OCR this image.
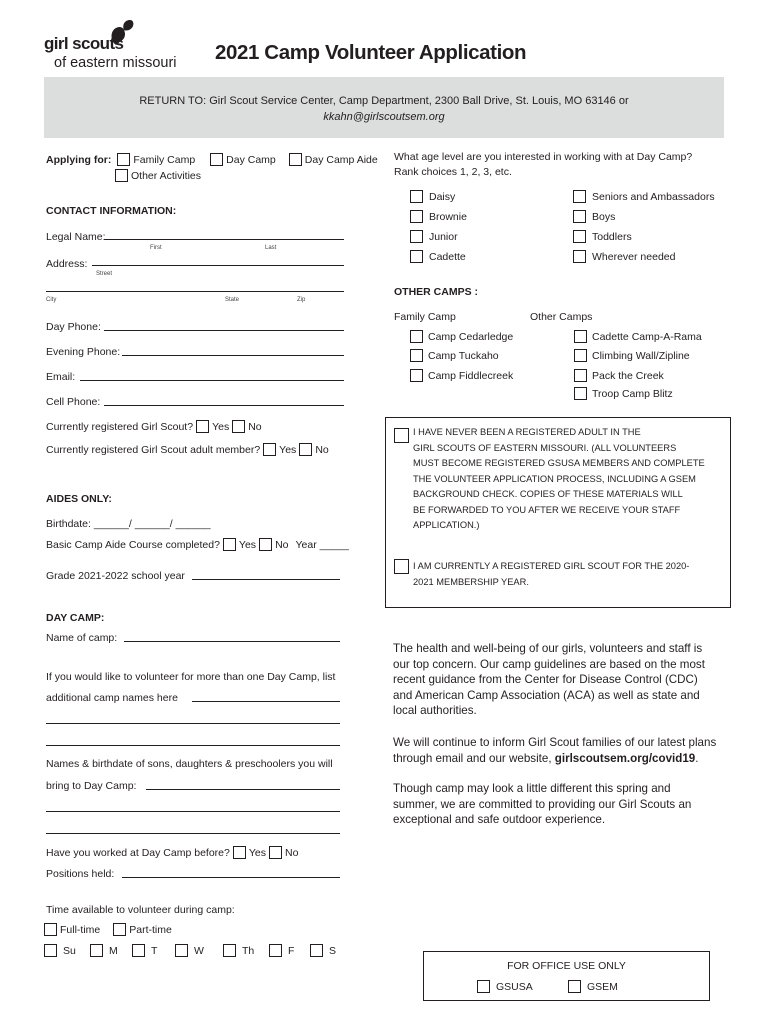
girl scouts
of eastern missouri 2021 Camp Volunteer Application
RETURN TO: Girl Scout Service Center, Camp Department, 2300 Ball Drive, St. Louis, MO 63146 or
kkahn@girlscoutsem.org
Applying for: Family Camp	Day Camp	Day Camp Aide
Other Activities
CONTACT INFORMATION:
Legal Name:
First	Last
Address:
Street
City	State	Zip
Day Phone:
Evening Phone:
Email:
Cell Phone:
Currently registered Girl Scout? Yes No
Currently registered Girl Scout adult member? Yes No
AIDES ONLY:
Birthdate: ______/ ______/ ______
Basic Camp Aide Course completed? Yes No Year _____
Grade 2021-2022 school year
DAY CAMP:
Name of camp:
If you would like to volunteer for more than one Day Camp, list
additional camp names here
Names & birthdate of sons, daughters & preschoolers you will
bring to Day Camp:
Have you worked at Day Camp before? Yes No
Positions held:
Time available to volunteer during camp:
Full-time	Part-time
Su	M	T	W	Th	F	S
What age level are you interested in working with at Day Camp?
Rank choices 1, 2, 3, etc.
Daisy
Brownie
Junior
Cadette
Seniors and Ambassadors
Boys
Toddlers
Wherever needed
OTHER CAMPS :
Family Camp	Other Camps
Camp Cedarledge
Camp Tuckaho
Camp Fiddlecreek
Cadette Camp-A-Rama
Climbing Wall/Zipline
Pack the Creek
Troop Camp Blitz
I HAVE NEVER BEEN A REGISTERED ADULT IN THE
GIRL SCOUTS OF EASTERN MISSOURI. (ALL VOLUNTEERS
MUST BECOME REGISTERED GSUSA MEMBERS AND COMPLETE
THE VOLUNTEER APPLICATION PROCESS, INCLUDING A GSEM
BACKGROUND CHECK. COPIES OF THESE MATERIALS WILL
BE FORWARDED TO YOU AFTER WE RECEIVE YOUR STAFF
APPLICATION.)
I AM CURRENTLY A REGISTERED GIRL SCOUT FOR THE 2020-
2021 MEMBERSHIP YEAR.
The health and well-being of our girls, volunteers and staff is
our top concern. Our camp guidelines are based on the most
recent guidance from the Center for Disease Control (CDC)
and American Camp Association (ACA) as well as state and
local authorities.
We will continue to inform Girl Scout families of our latest plans
through email and our website, girlscoutsem.org/covid19.
Though camp may look a little different this spring and
summer, we are committed to providing our Girl Scouts an
exceptional and safe outdoor experience.
FOR OFFICE USE ONLY
GSUSA	GSEM
